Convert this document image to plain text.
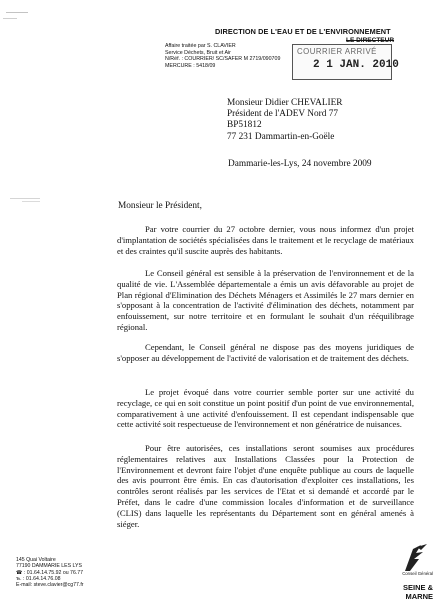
DIRECTION DE L'EAU ET DE L'ENVIRONNEMENT
LE DIRECTEUR
Affaire traitée par S. CLAVIER
Service Déchets, Bruit et Air
N/Réf. : COURRIER/ SC/SAFER M 2719/090709
MERCURE : 5418/09
COURRIER ARRIVÉ
2 1 JAN. 2010
Monsieur Didier CHEVALIER
Président de l'ADEV Nord 77
BP51812
77 231 Dammartin-en-Goële
Dammarie-les-Lys, 24 novembre 2009
Monsieur le Président,

Par votre courrier du 27 octobre dernier, vous nous informez d'un projet d'implantation de sociétés spécialisées dans le traitement et le recyclage de matériaux et des craintes qu'il suscite auprès des habitants.

Le Conseil général est sensible à la préservation de l'environnement et de la qualité de vie. L'Assemblée départementale a émis un avis défavorable au projet de Plan régional d'Elimination des Déchets Ménagers et Assimilés le 27 mars dernier en s'opposant à la concentration de l'activité d'élimination des déchets, notamment par enfouissement, sur notre territoire et en formulant le souhait d'un rééquilibrage régional.

Cependant, le Conseil général ne dispose pas des moyens juridiques de s'opposer au développement de l'activité de valorisation et de traitement des déchets.

Le projet évoqué dans votre courrier semble porter sur une activité du recyclage, ce qui en soit constitue un point positif d'un point de vue environnemental, comparativement à une activité d'enfouissement. Il est cependant indispensable que cette activité soit respectueuse de l'environnement et non génératrice de nuisances.

Pour être autorisées, ces installations seront soumises aux procédures réglementaires relatives aux Installations Classées pour la Protection de l'Environnement et devront faire l'objet d'une enquête publique au cours de laquelle des avis pourront être émis. En cas d'autorisation d'exploiter ces installations, les contrôles seront réalisés par les services de l'Etat et si demandé et accordé par le Préfet, dans le cadre d'une commission locales d'information et de surveillance (CLIS) dans laquelle les représentants du Département sont en général amenés à siéger.

145 Quai Voltaire
77190 DAMMARIE LES LYS
☎ : 01.64.14.75.92 ou 76.77
℡ : 01.64.14.76.08
E-mail: steve.clavier@cg77.fr
Conseil Général
SEINE &
MARNE
